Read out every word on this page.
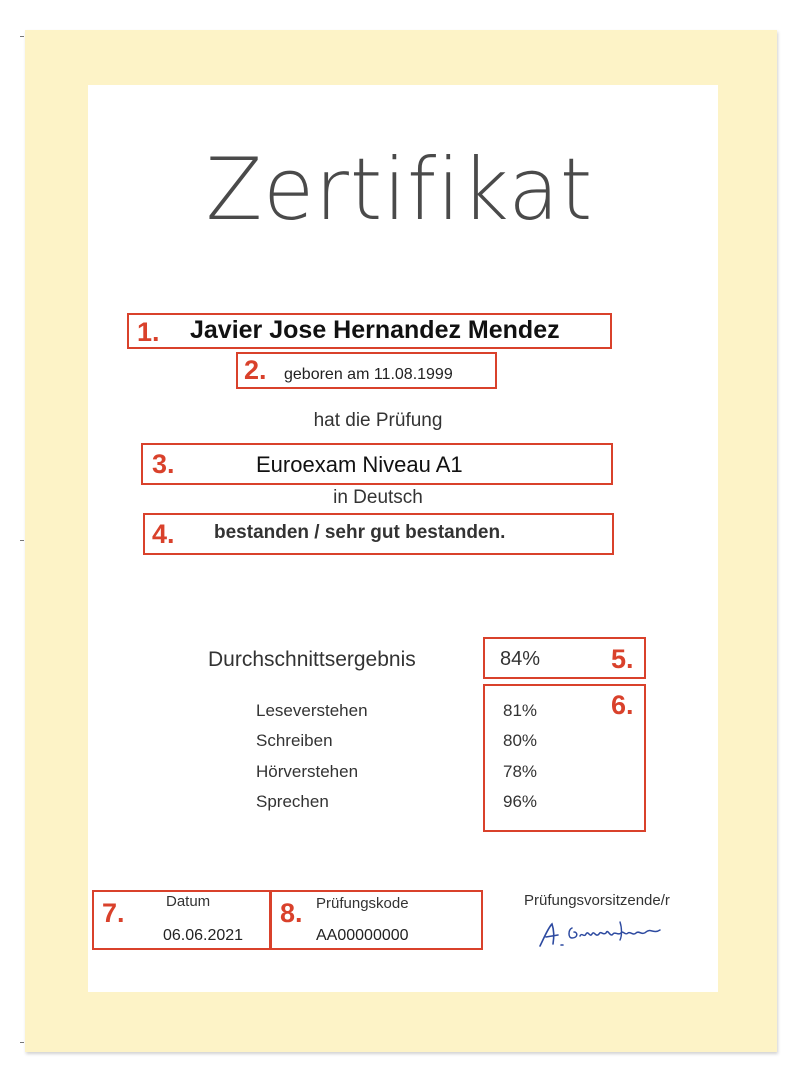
Zertifikat
1. Javier Jose Hernandez Mendez
2. geboren am 11.08.1999
hat die Prüfung
3.	Euroexam Niveau A1
in Deutsch
4. bestanden / sehr gut bestanden.
Durchschnittsergebnis	84%	5.
6.
Leseverstehen	81%
Schreiben	80%
Hörverstehen	78%
Sprechen	96%
7.	Datum
06.06.2021
8. Prüfungskode
AA00000000
Prüfungsvorsitzende/r
